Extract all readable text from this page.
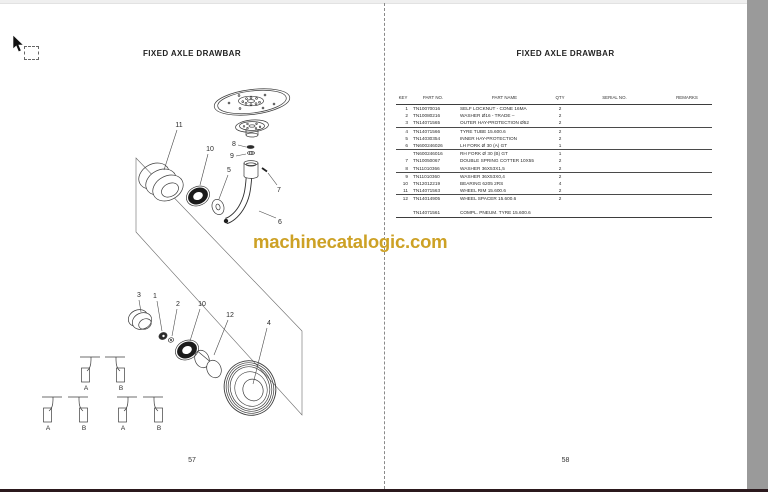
FIXED AXLE DRAWBAR
57
11
10
8
9
5
7
6
3 1
2	10
12
4
A	B
A	B	A	B
FIXED AXLE DRAWBAR
58
KEY	PART NO.	PART NAME	QTY	SERIAL NO.	REMARKS
1	TN10070016	SELF LOCKNUT - CONE 16MA	2
2	TN10080216	WASHER Ø16 - TRADE –	2
3	TN14071565	OUTER HAY-PROTECTION Ø52	2
4	TN14071566	TYRE TUBE 15.600.6	2
5	TN14030354	INNER HAY-PROTECTION	2
6	TN600246026	LH FORK Ø 30 (A) GT	1
TN600246016	RH FORK Ø 30 (B) GT	1
7	TN10050067	DOUBLE SPRING COTTER 10X55	2
8	TN11010366	WASHER 36X53X1,5	2
9	TN11010360	WASHER 36X53X0,4	2
10	TN12012219	BEARING 6205 2RS	4
11	TN14071563	WHEEL RIM 15.600.6	2
12	TN14014905	WHEEL SPACER 15.600.6	2
TN14071561	COMPL. PNEUM. TYRE 15.600.6
machinecatalogic.com
